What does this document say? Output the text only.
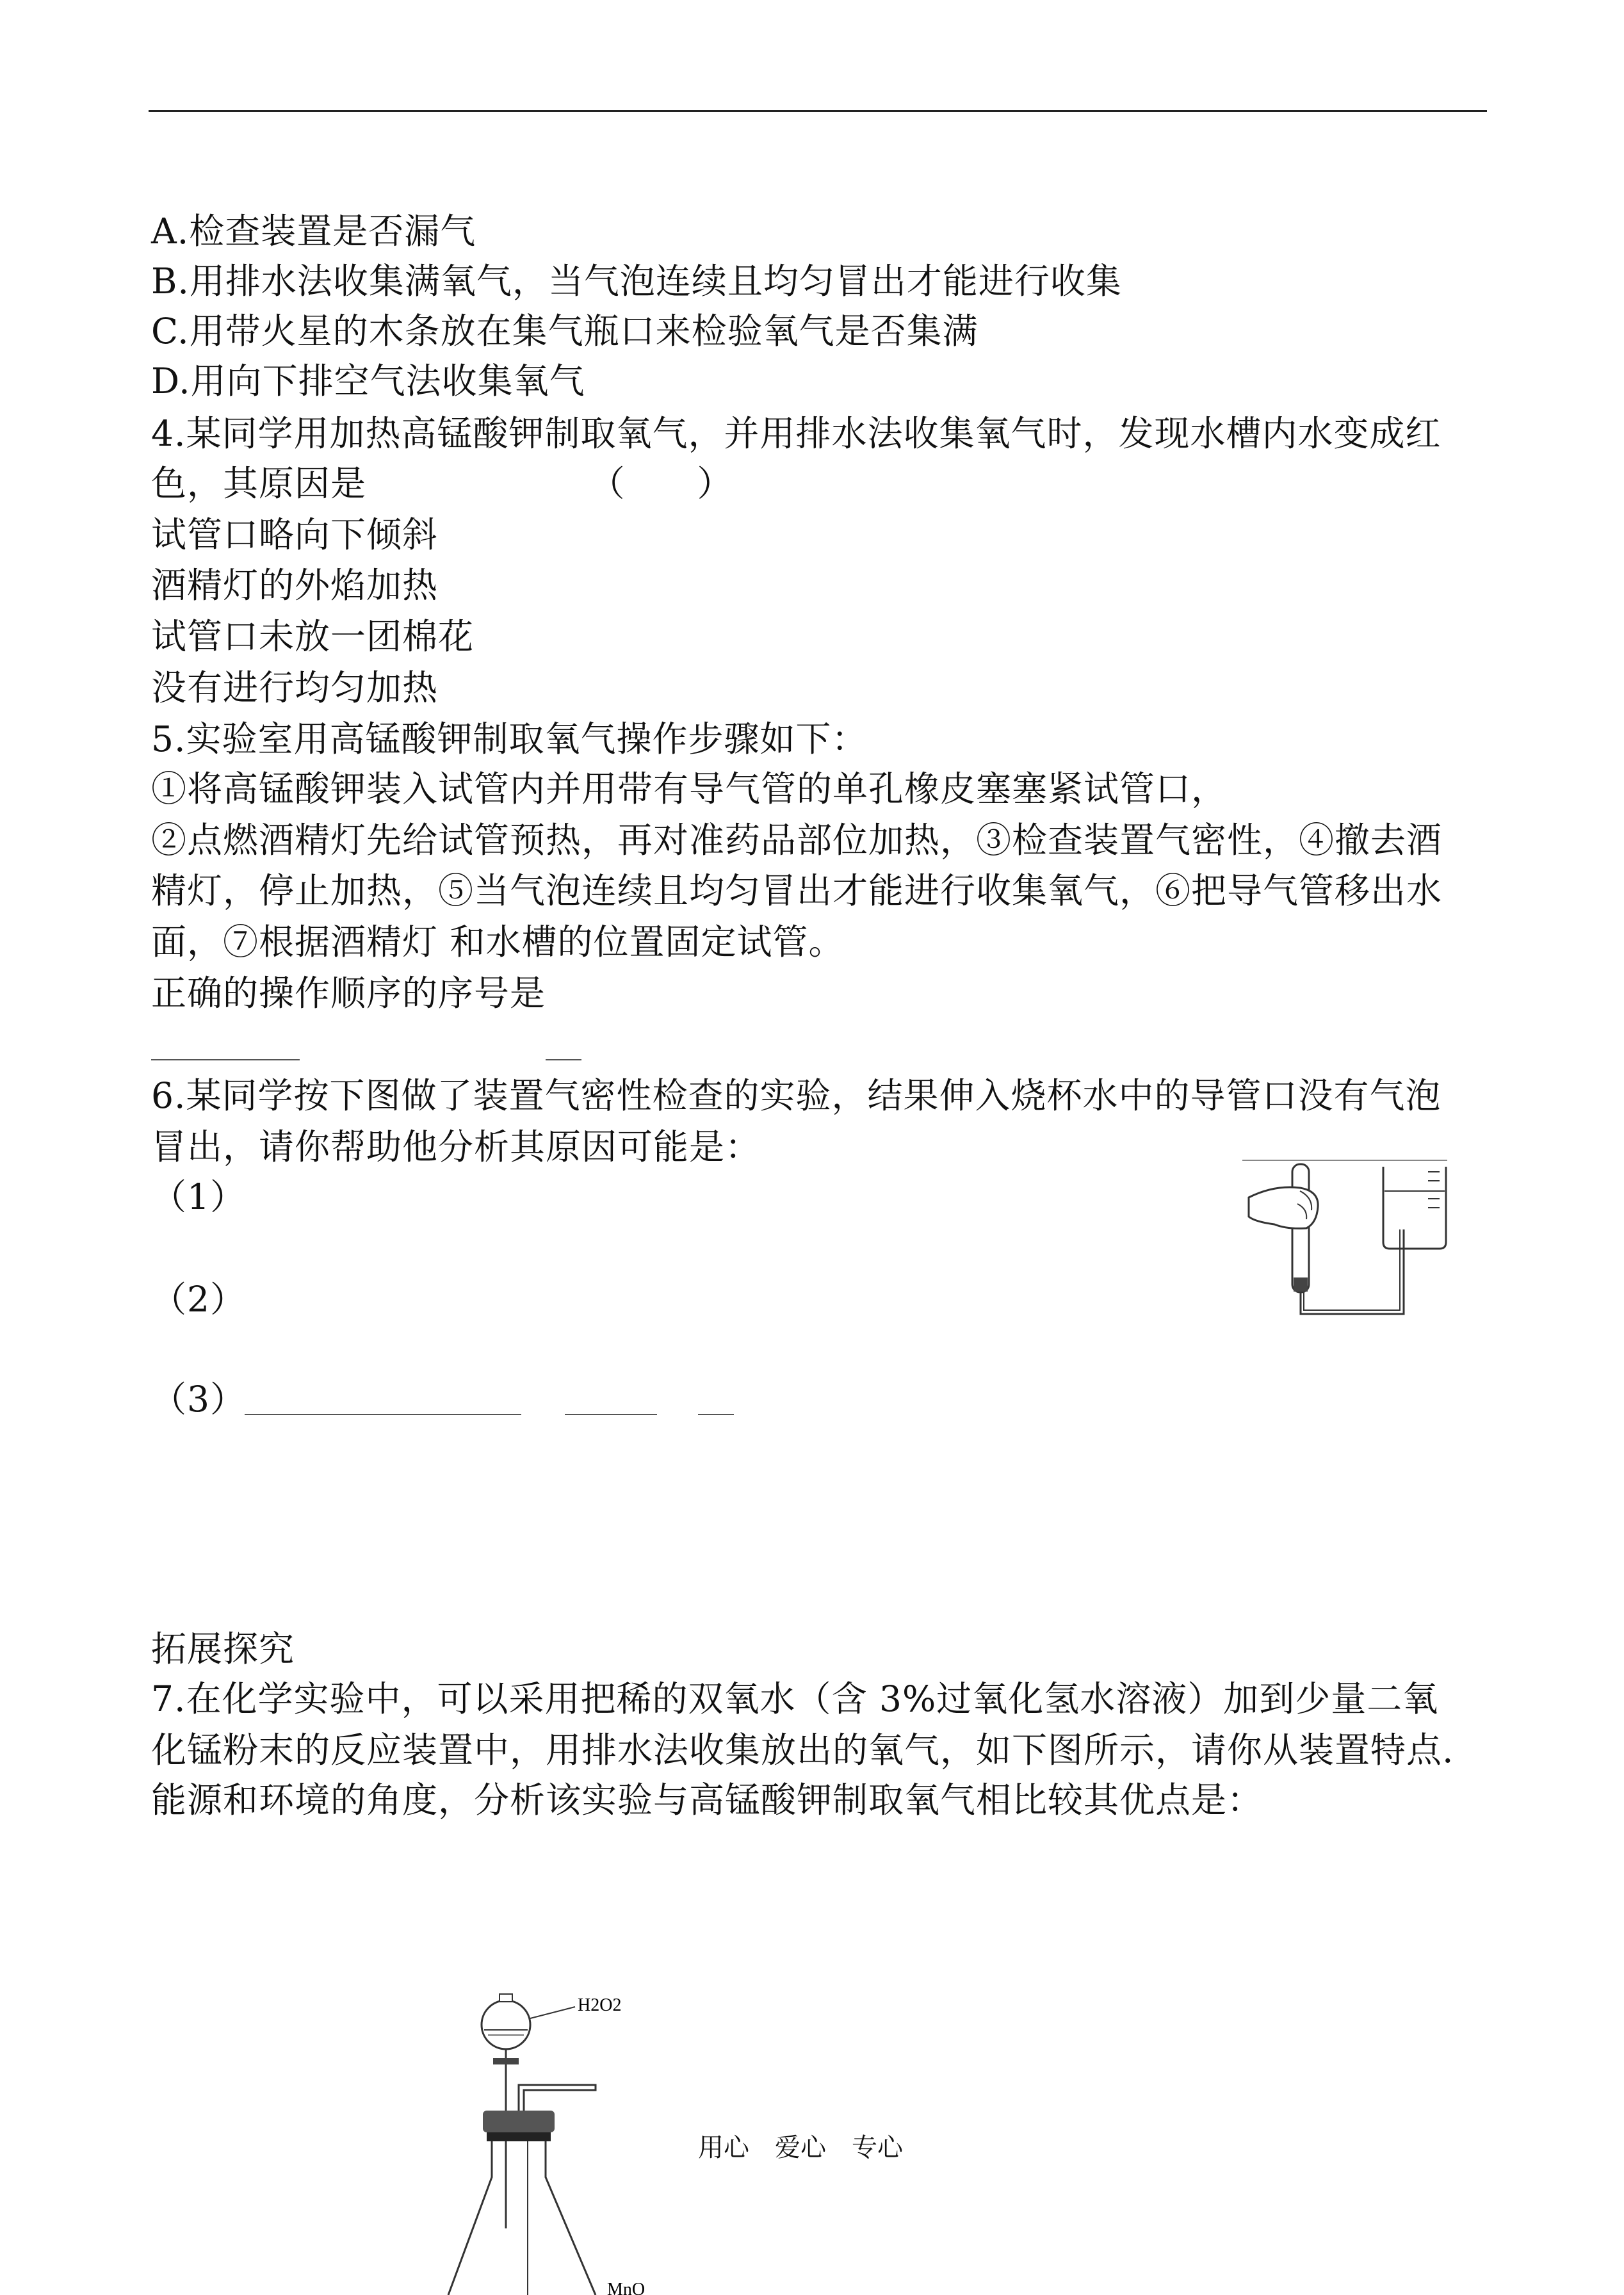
A.检查装置是否漏气
B.用排水法收集满氧气，当气泡连续且均匀冒出才能进行收集
C.用带火星的木条放在集气瓶口来检验氧气是否集满
D.用向下排空气法收集氧气
4.某同学用加热高锰酸钾制取氧气，并用排水法收集氧气时，发现水槽内水变成红
色，其原因是	（　　）
试管口略向下倾斜
酒精灯的外焰加热
试管口未放一团棉花
没有进行均匀加热
5.实验室用高锰酸钾制取氧气操作步骤如下：
①将高锰酸钾装入试管内并用带有导气管的单孔橡皮塞塞紧试管口，
②点燃酒精灯先给试管预热，再对准药品部位加热，③检查装置气密性，④撤去酒
精灯，停止加热，⑤当气泡连续且均匀冒出才能进行收集氧气，⑥把导气管移出水
面，⑦根据酒精灯 和水槽的位置固定试管。
正确的操作顺序的序号是
6.某同学按下图做了装置气密性检查的实验，结果伸入烧杯水中的导管口没有气泡
冒出，请你帮助他分析其原因可能是：
（1）
（2）
（3）
拓展探究
7.在化学实验中，可以采用把稀的双氧水（含 3%过氧化氢水溶液）加到少量二氧
化锰粉末的反应装置中，用排水法收集放出的氧气，如下图所示，请你从装置特点.
能源和环境的角度，分析该实验与高锰酸钾制取氧气相比较其优点是：
H2O2
MnO
用心　爱心　专心
